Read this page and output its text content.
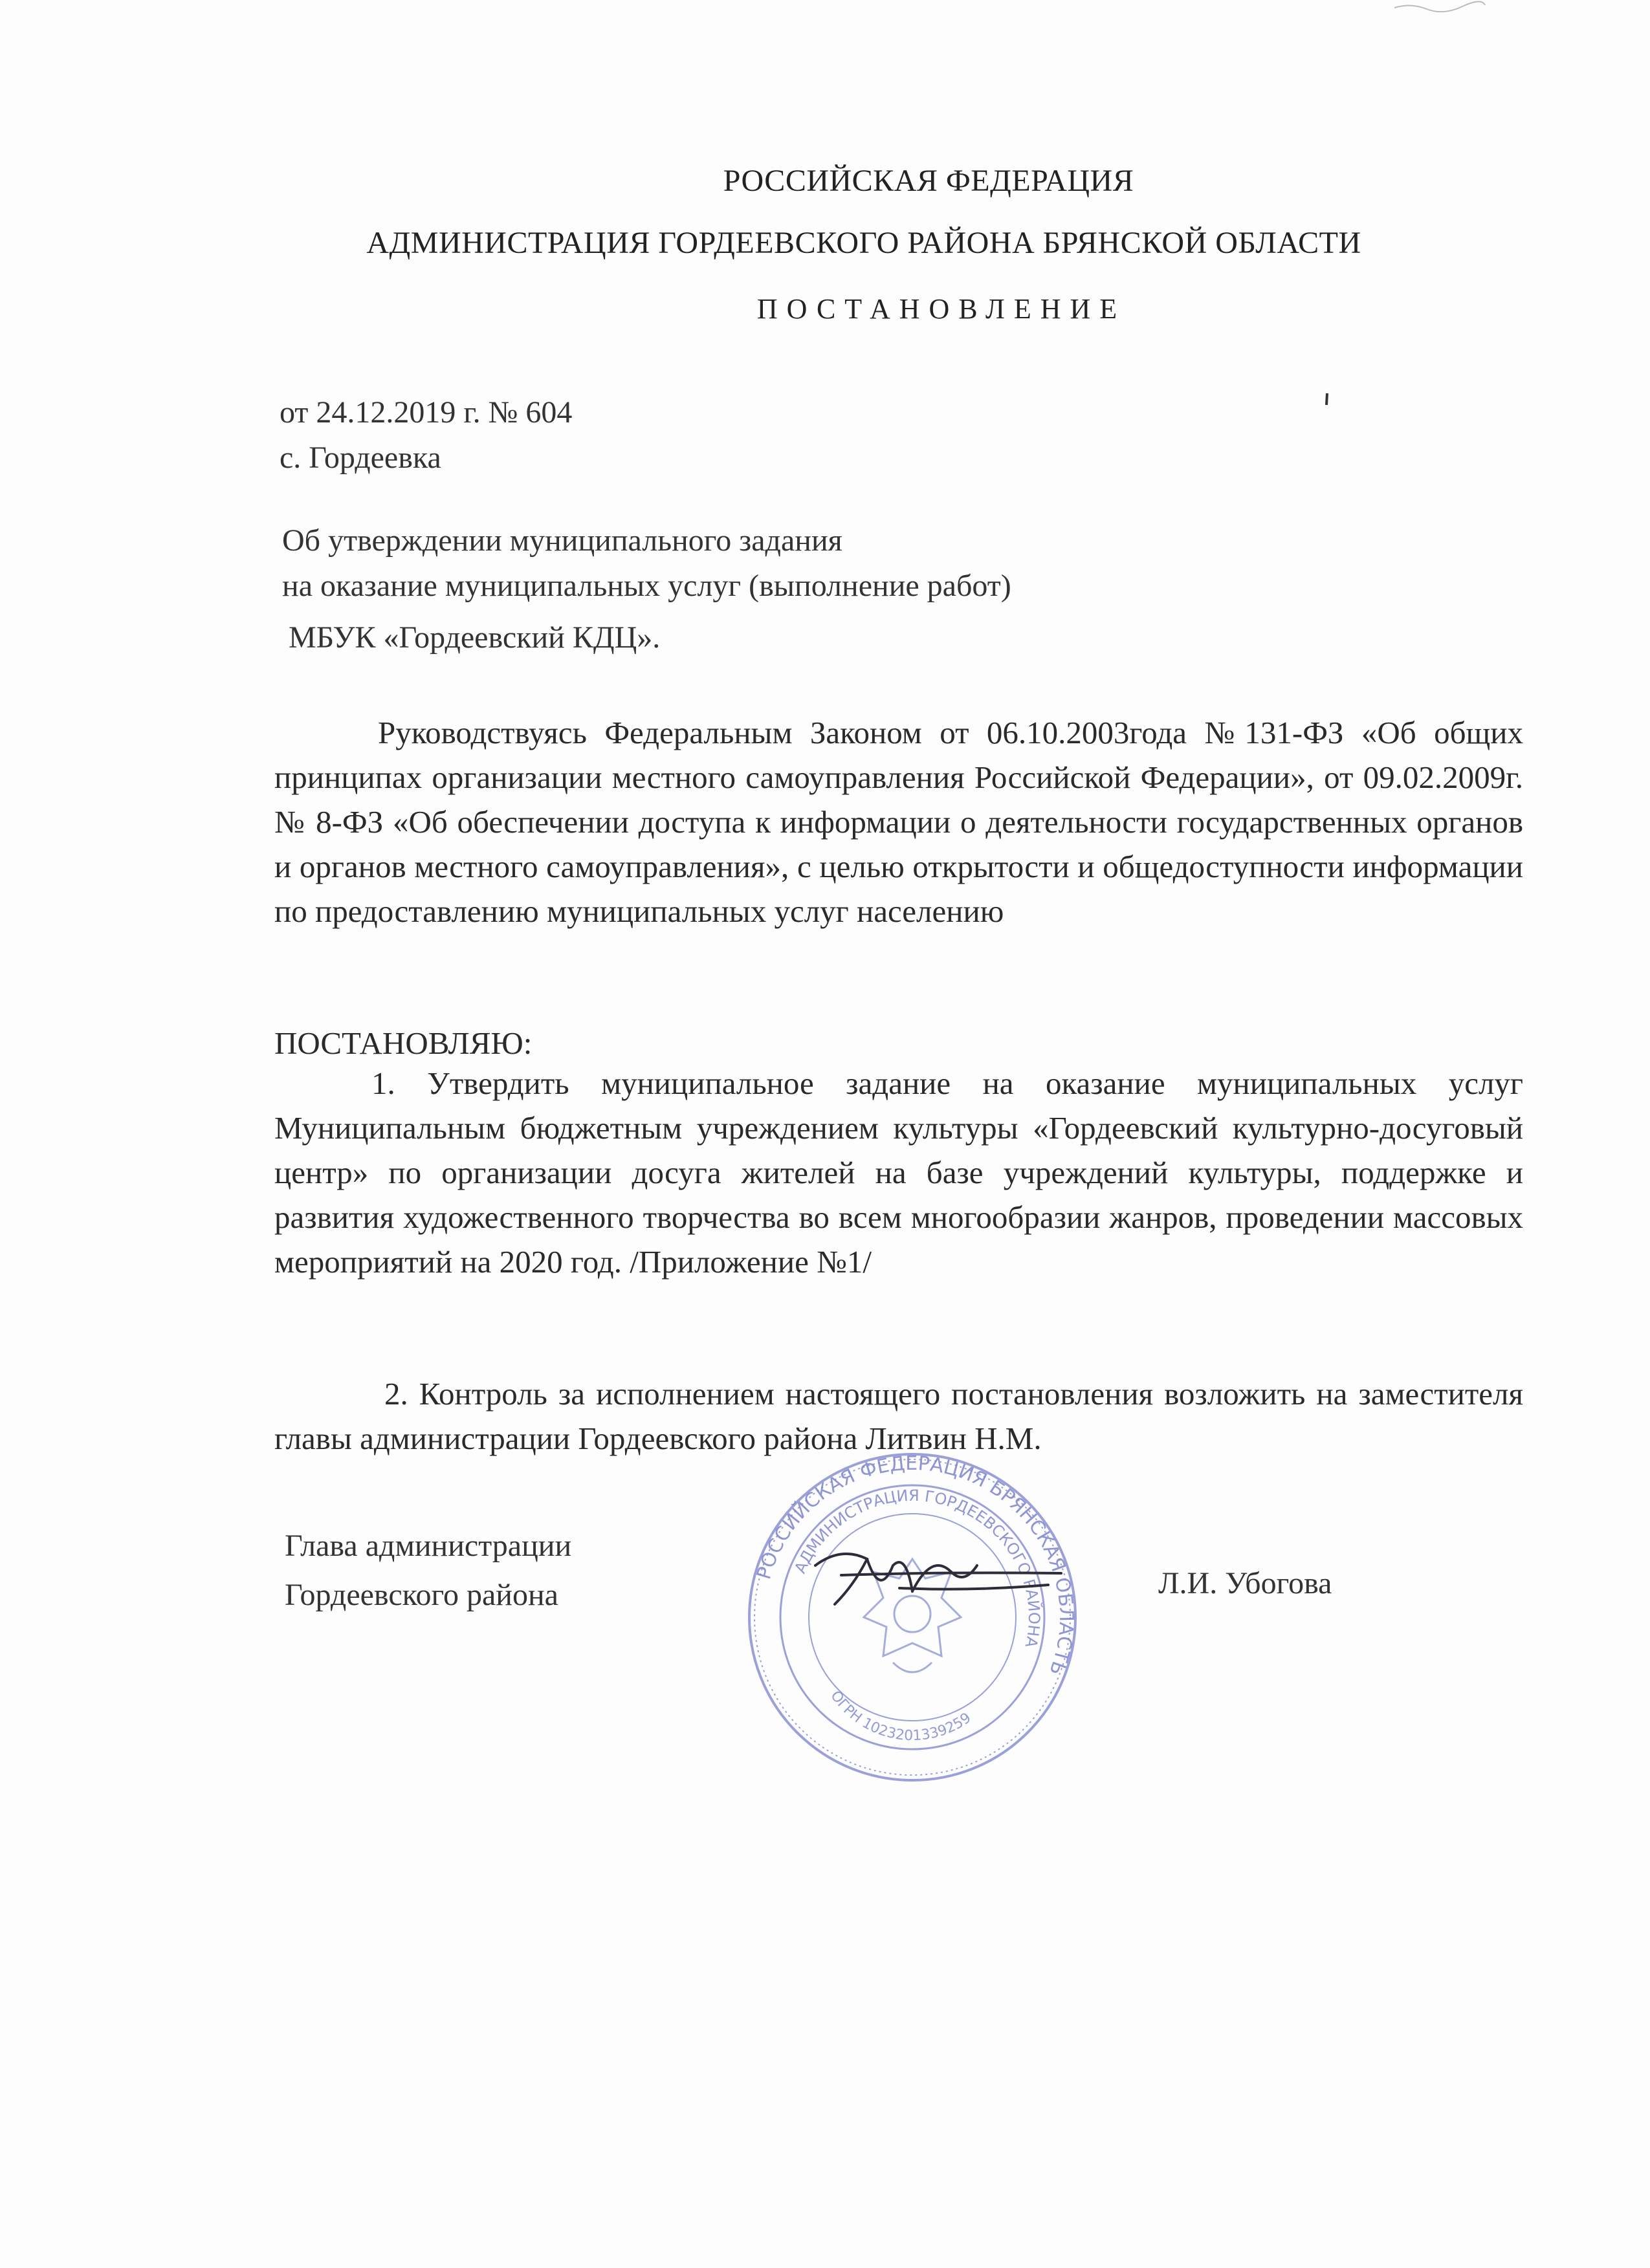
РОССИЙСКАЯ ФЕДЕРАЦИЯ
АДМИНИСТРАЦИЯ ГОРДЕЕВСКОГО РАЙОНА БРЯНСКОЙ ОБЛАСТИ
ПОСТАНОВЛЕНИЕ
от 24.12.2019 г. № 604
с. Гордеевка
Об утверждении муниципального задания
на оказание муниципальных услуг (выполнение работ)
МБУК «Гордеевский КДЦ».
Руководствуясь Федеральным Законом от 06.10.2003года №131-ФЗ «Об общих принципах организации местного самоуправления Российской Федерации», от 09.02.2009г. № 8-ФЗ «Об обеспечении доступа к информации о деятельности государственных органов и органов местного самоуправления», с целью открытости и общедоступности информации по предоставлению муниципальных услуг населению
ПОСТАНОВЛЯЮ:
1. Утвердить муниципальное задание на оказание муниципальных услуг Муниципальным бюджетным учреждением культуры «Гордеевский культурно-досуговый центр» по организации досуга жителей на базе учреждений культуры, поддержке и развития художественного творчества во всем многообразии жанров, проведении массовых мероприятий на 2020 год. /Приложение №1/
2. Контроль за исполнением настоящего постановления возложить на заместителя главы администрации Гордеевского района Литвин Н.М.
Глава администрации
Гордеевского района	Л.И. Убогова
РОССИЙСКАЯ ФЕДЕРАЦИЯ БРЯНСКАЯ ОБЛАСТЬ
АДМИНИСТРАЦИЯ ГОРДЕЕВСКОГО РАЙОНА
ОГРН 1023201339259
